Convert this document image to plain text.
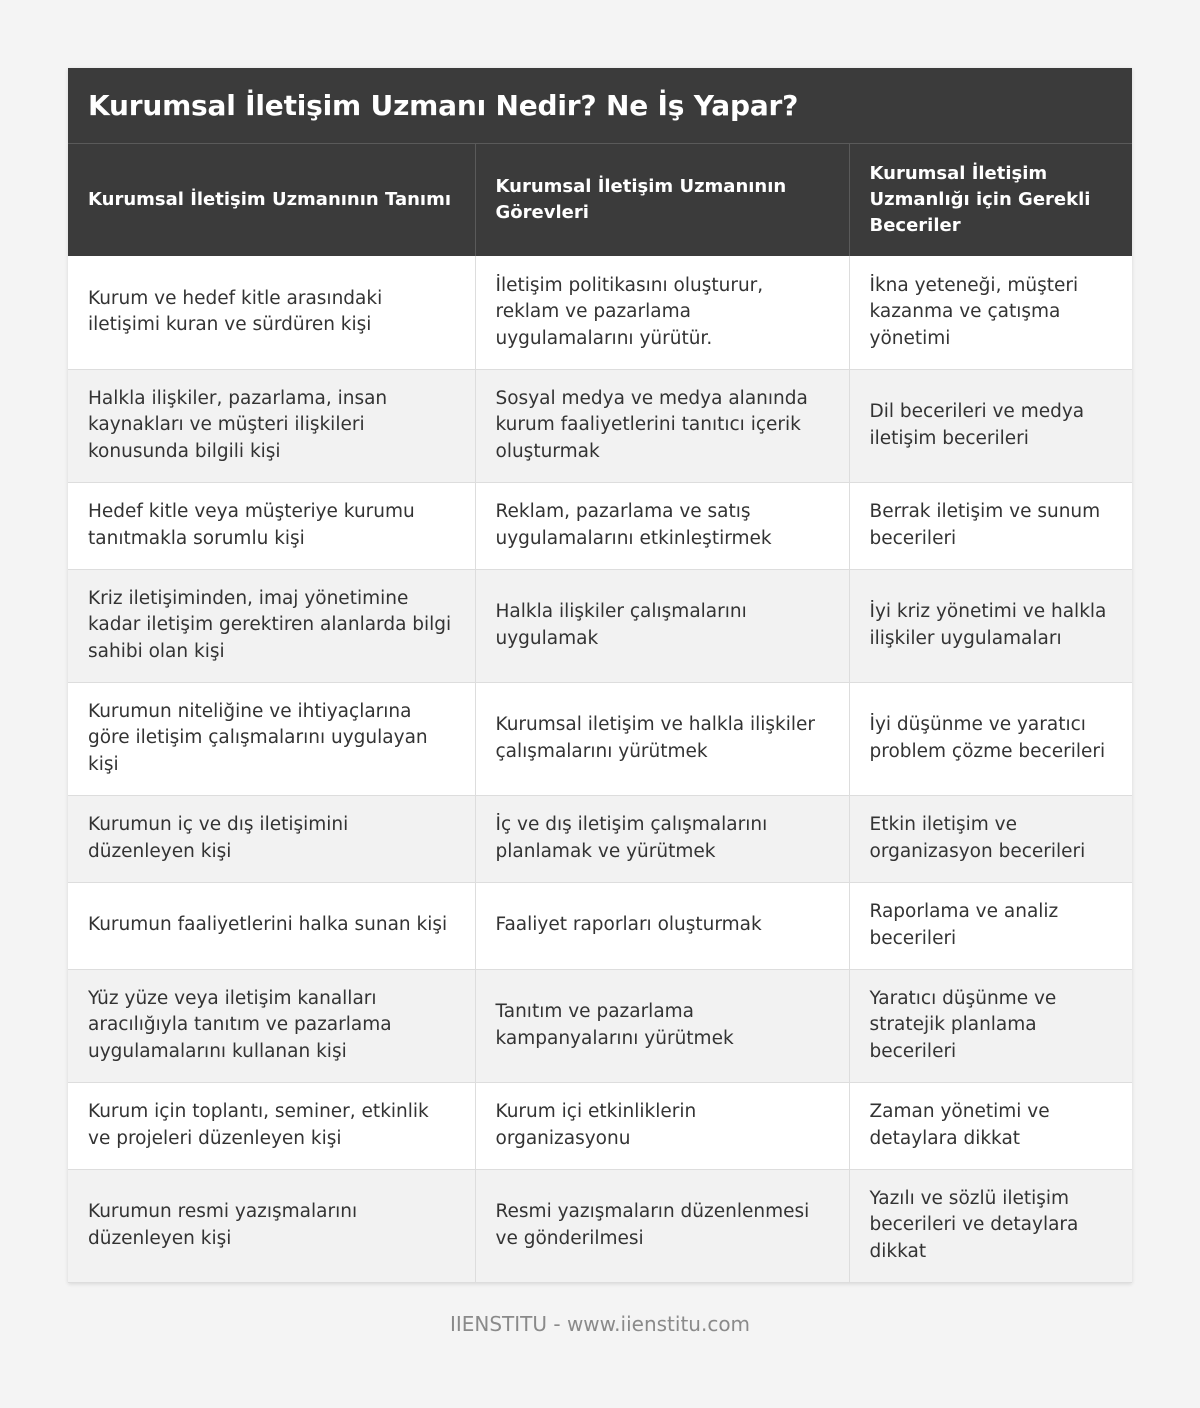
Kurumsal İletişim Uzmanı Nedir? Ne İş Yapar?
Kurumsal İletişim Uzmanının Tanımı	Kurumsal İletişim Uzmanının Görevleri	Kurumsal İletişim Uzmanlığı için Gerekli Beceriler
Kurum ve hedef kitle arasındaki iletişimi kuran ve sürdüren kişi	İletişim politikasını oluşturur, reklam ve pazarlama uygulamalarını yürütür.	İkna yeteneği, müşteri kazanma ve çatışma yönetimi
Halkla ilişkiler, pazarlama, insan kaynakları ve müşteri ilişkileri konusunda bilgili kişi	Sosyal medya ve medya alanında kurum faaliyetlerini tanıtıcı içerik oluşturmak	Dil becerileri ve medya iletişim becerileri
Hedef kitle veya müşteriye kurumu tanıtmakla sorumlu kişi	Reklam, pazarlama ve satış uygulamalarını etkinleştirmek	Berrak iletişim ve sunum becerileri
Kriz iletişiminden, imaj yönetimine kadar iletişim gerektiren alanlarda bilgi sahibi olan kişi	Halkla ilişkiler çalışmalarını uygulamak	İyi kriz yönetimi ve halkla ilişkiler uygulamaları
Kurumun niteliğine ve ihtiyaçlarına göre iletişim çalışmalarını uygulayan kişi	Kurumsal iletişim ve halkla ilişkiler çalışmalarını yürütmek	İyi düşünme ve yaratıcı problem çözme becerileri
Kurumun iç ve dış iletişimini düzenleyen kişi	İç ve dış iletişim çalışmalarını planlamak ve yürütmek	Etkin iletişim ve organizasyon becerileri
Kurumun faaliyetlerini halka sunan kişi	Faaliyet raporları oluşturmak	Raporlama ve analiz becerileri
Yüz yüze veya iletişim kanalları aracılığıyla tanıtım ve pazarlama uygulamalarını kullanan kişi	Tanıtım ve pazarlama kampanyalarını yürütmek	Yaratıcı düşünme ve stratejik planlama becerileri
Kurum için toplantı, seminer, etkinlik ve projeleri düzenleyen kişi	Kurum içi etkinliklerin organizasyonu	Zaman yönetimi ve detaylara dikkat
Kurumun resmi yazışmalarını düzenleyen kişi	Resmi yazışmaların düzenlenmesi ve gönderilmesi	Yazılı ve sözlü iletişim becerileri ve detaylara dikkat
IIENSTITU - www.iienstitu.com
